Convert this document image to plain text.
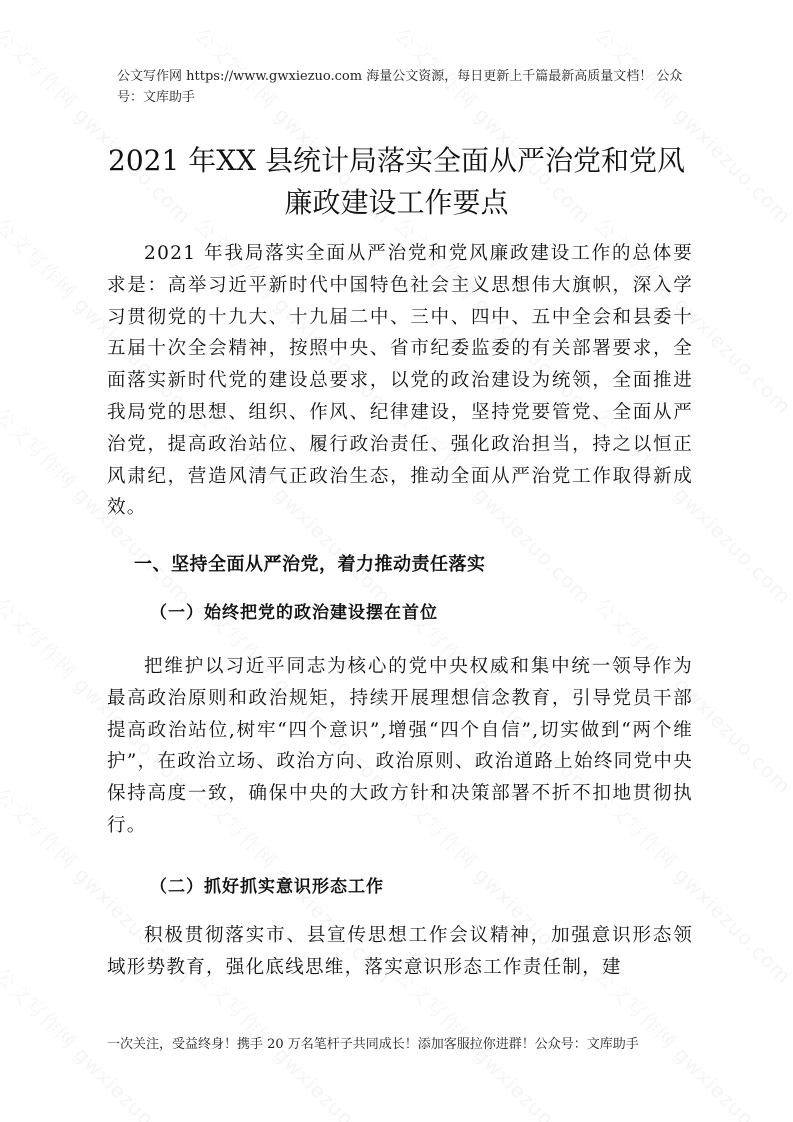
公文写作网 https://www.gwxiezuo.com 海量公文资源，每日更新上千篇最新高质量文档！ 公众号：文库助手
2021 年XX 县统计局落实全面从严治党和党风廉政建设工作要点

2021 年我局落实全面从严治党和党风廉政建设工作的总体要求是：高举习近平新时代中国特色社会主义思想伟大旗帜，深入学习贯彻党的十九大、十九届二中、三中、四中、五中全会和县委十五届十次全会精神，按照中央、省市纪委监委的有关部署要求，全面落实新时代党的建设总要求，以党的政治建设为统领，全面推进我局党的思想、组织、作风、纪律建设，坚持党要管党、全面从严治党，提高政治站位、履行政治责任、强化政治担当，持之以恒正风肃纪，营造风清气正政治生态，推动全面从严治党工作取得新成效。

一、坚持全面从严治党，着力推动责任落实
（一）始终把党的政治建设摆在首位

把维护以习近平同志为核心的党中央权威和集中统一领导作为最高政治原则和政治规矩，持续开展理想信念教育，引导党员干部提高政治站位,树牢“四个意识”,增强“四个自信”,切实做到“两个维护”，在政治立场、政治方向、政治原则、政治道路上始终同党中央保持高度一致，确保中央的大政方针和决策部署不折不扣地贯彻执行。

（二）抓好抓实意识形态工作

积极贯彻落实市、县宣传思想工作会议精神，加强意识形态领域形势教育，强化底线思维，落实意识形态工作责任制，建

一次关注，受益终身！携手 20 万名笔杆子共同成长！添加客服拉你进群！公众号：文库助手
